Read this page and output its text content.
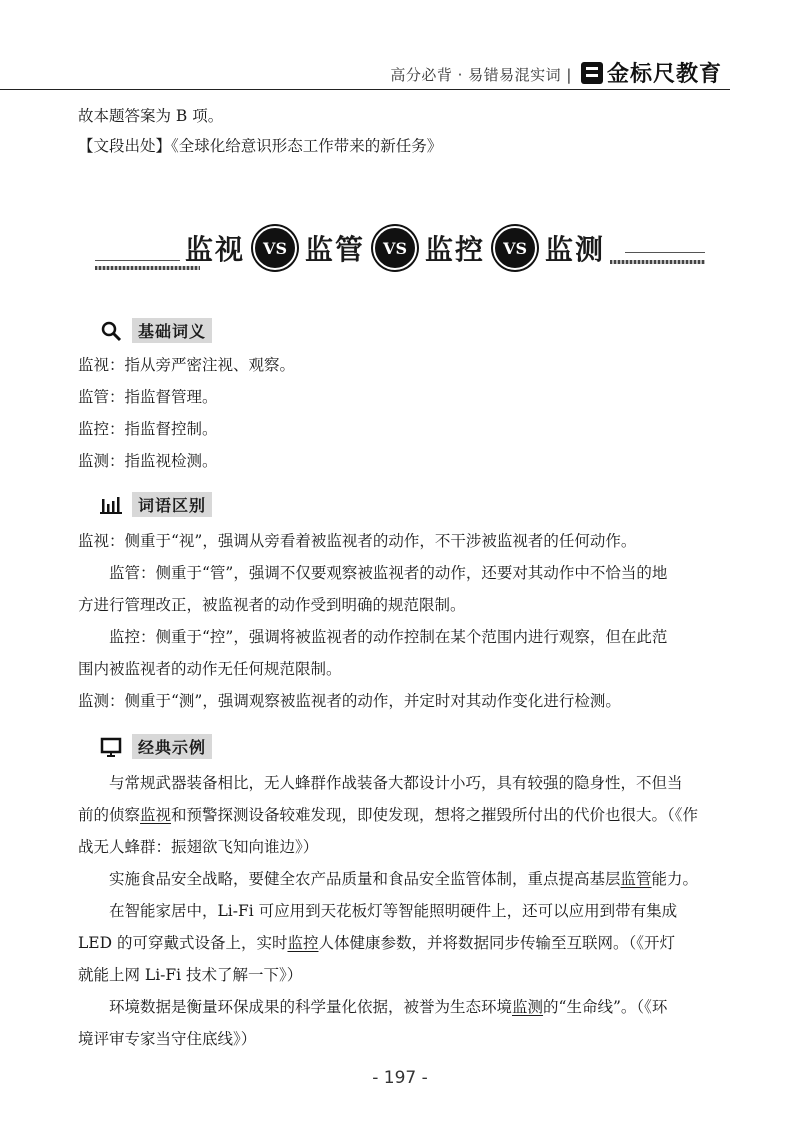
高分必背 · 易错易混实词 | 金标尺教育
故本题答案为 B 项。
【文段出处】《全球化给意识形态工作带来的新任务》
监视	VS 监管	VS 监控	VS 监测
基础词义
监视：指从旁严密注视、观察。
监管：指监督管理。
监控：指监督控制。
监测：指监视检测。
词语区别
监视：侧重于“视”，强调从旁看着被监视者的动作，不干涉被监视者的任何动作。
监管：侧重于“管”，强调不仅要观察被监视者的动作，还要对其动作中不恰当的地
方进行管理改正，被监视者的动作受到明确的规范限制。
监控：侧重于“控”，强调将被监视者的动作控制在某个范围内进行观察，但在此范
围内被监视者的动作无任何规范限制。
监测：侧重于“测”，强调观察被监视者的动作，并定时对其动作变化进行检测。
经典示例
与常规武器装备相比，无人蜂群作战装备大都设计小巧，具有较强的隐身性，不但当
前的侦察监视和预警探测设备较难发现，即使发现，想将之摧毁所付出的代价也很大。（《作
战无人蜂群：振翅欲飞知向谁边》）
实施食品安全战略，要健全农产品质量和食品安全监管体制，重点提高基层监管能力。
在智能家居中，Li-Fi 可应用到天花板灯等智能照明硬件上，还可以应用到带有集成
LED 的可穿戴式设备上，实时监控人体健康参数，并将数据同步传输至互联网。（《开灯
就能上网 Li-Fi 技术了解一下》）
环境数据是衡量环保成果的科学量化依据，被誉为生态环境监测的“生命线”。（《环
境评审专家当守住底线》）
- 197 -
